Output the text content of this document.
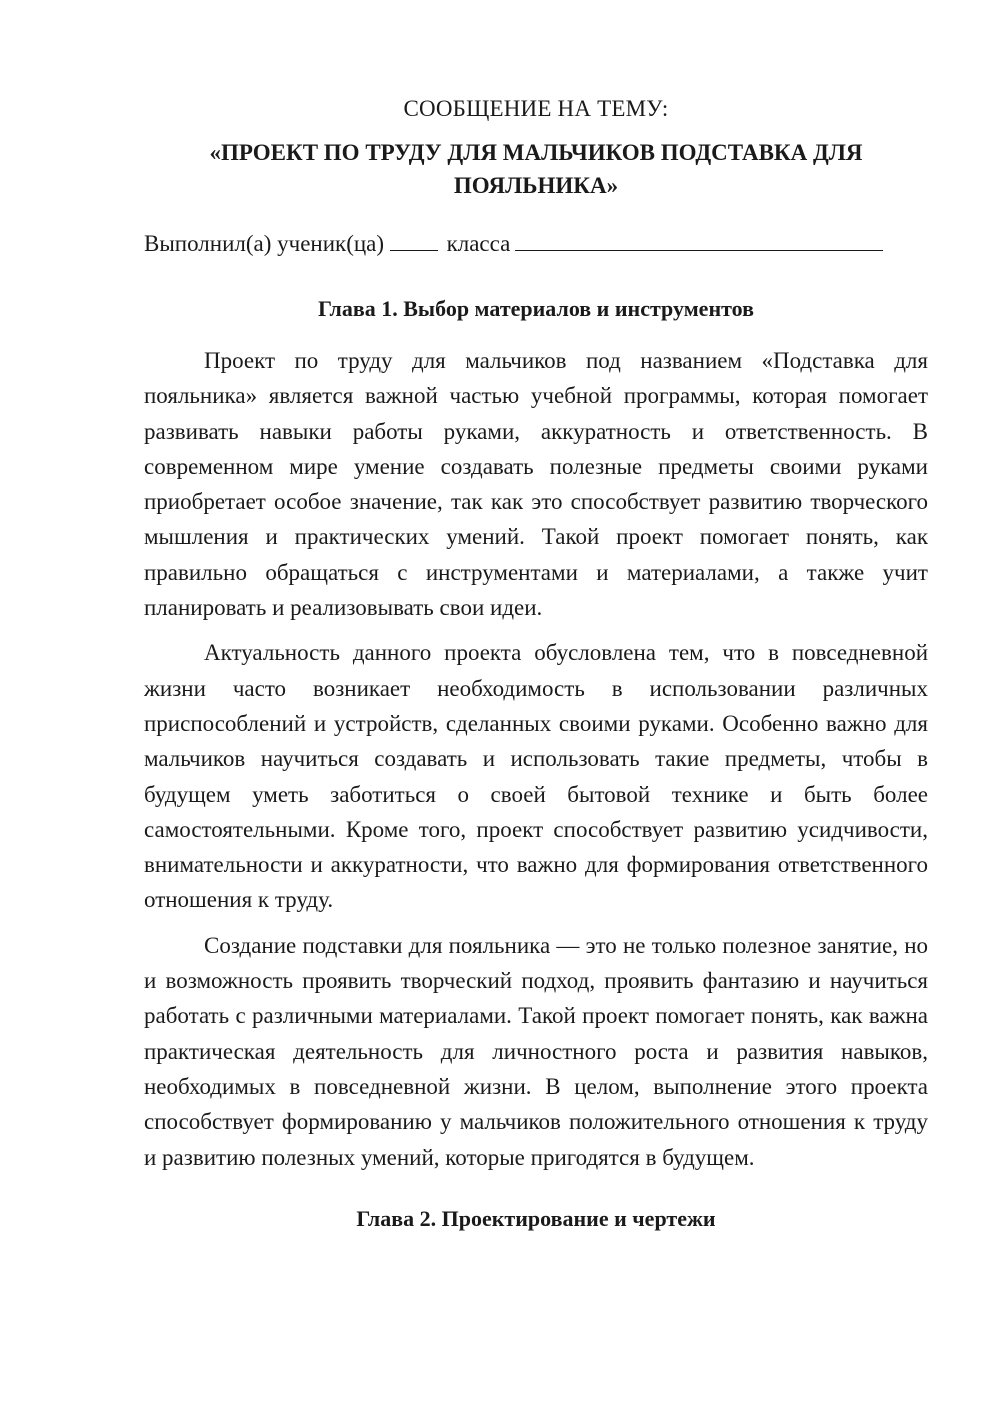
СООБЩЕНИЕ НА ТЕМУ:

«ПРОЕКТ ПО ТРУДУ ДЛЯ МАЛЬЧИКОВ ПОДСТАВКА ДЛЯ ПОЯЛЬНИКА»

Выполнил(а) ученик(ца)	класса

Глава 1. Выбор материалов и инструментов

Проект по труду для мальчиков под названием «Подставка для пояльника» является важной частью учебной программы, которая помогает развивать навыки работы руками, аккуратность и ответственность. В современном мире умение создавать полезные предметы своими руками приобретает особое значение, так как это способствует развитию творческого мышления и практических умений. Такой проект помогает понять, как правильно обращаться с инструментами и материалами, а также учит планировать и реализовывать свои идеи.

Актуальность данного проекта обусловлена тем, что в повседневной жизни часто возникает необходимость в использовании различных приспособлений и устройств, сделанных своими руками. Особенно важно для мальчиков научиться создавать и использовать такие предметы, чтобы в будущем уметь заботиться о своей бытовой технике и быть более самостоятельными. Кроме того, проект способствует развитию усидчивости, внимательности и аккуратности, что важно для формирования ответственного отношения к труду.

Создание подставки для пояльника — это не только полезное занятие, но и возможность проявить творческий подход, проявить фантазию и научиться работать с различными материалами. Такой проект помогает понять, как важна практическая деятельность для личностного роста и развития навыков, необходимых в повседневной жизни. В целом, выполнение этого проекта способствует формированию у мальчиков положительного отношения к труду и развитию полезных умений, которые пригодятся в будущем.

Глава 2. Проектирование и чертежи
